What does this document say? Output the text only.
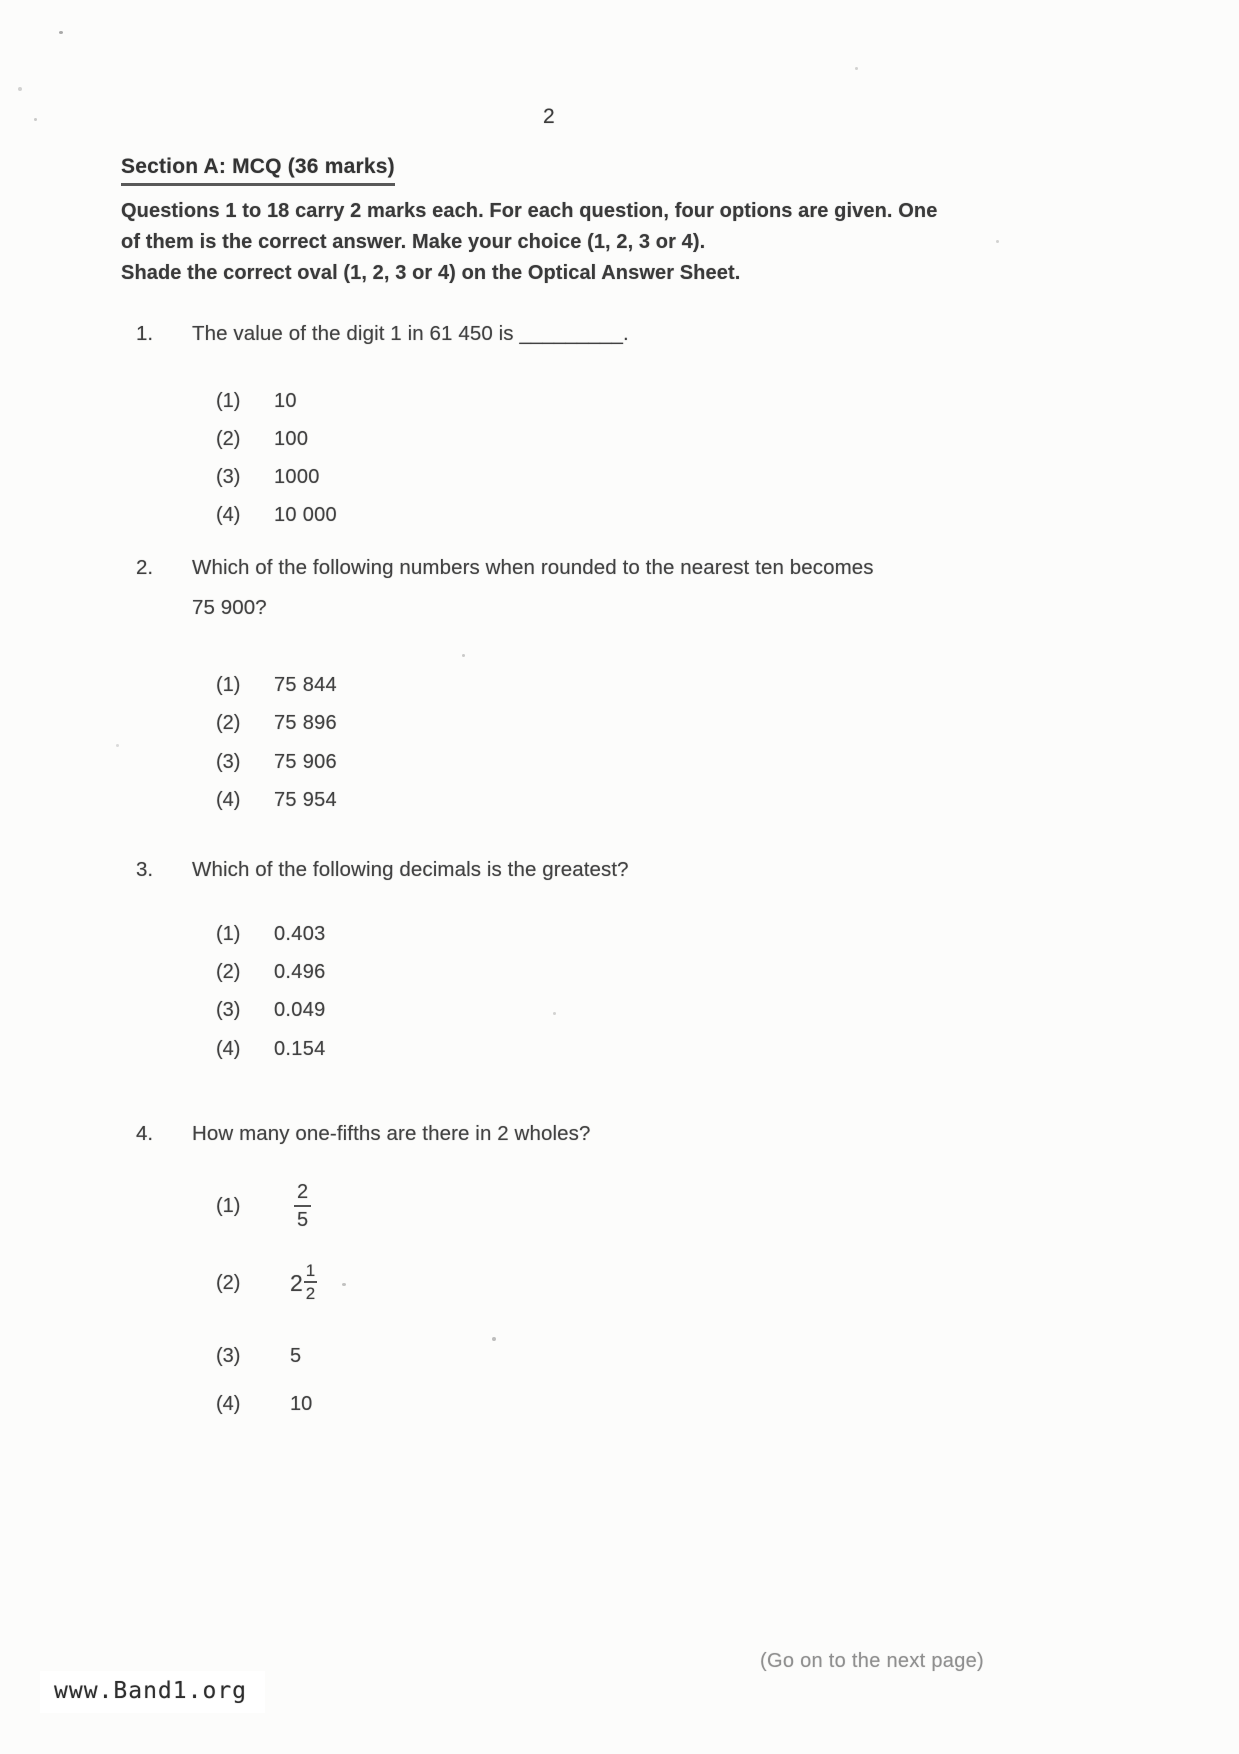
2
Section A: MCQ (36 marks)
Questions 1 to 18 carry 2 marks each. For each question, four options are given. One
of them is the correct answer. Make your choice (1, 2, 3 or 4).
Shade the correct oval (1, 2, 3 or 4) on the Optical Answer Sheet.
1. The value of the digit 1 in 61 450 is _________.
(1) 10
(2) 100
(3) 1000
(4) 10 000
2. Which of the following numbers when rounded to the nearest ten becomes
75 900?
(1) 75 844
(2) 75 896
(3) 75 906
(4) 75 954
3. Which of the following decimals is the greatest?
(1) 0.403
(2) 0.496
(3) 0.049
(4) 0.154
4. How many one-fifths are there in 2 wholes?
(1)	$\frac{2}{5}$
(2)	$2 \frac{1}{2}$
(3)	5
(4)	10
(Go on to the next page)
www.Band1.org
